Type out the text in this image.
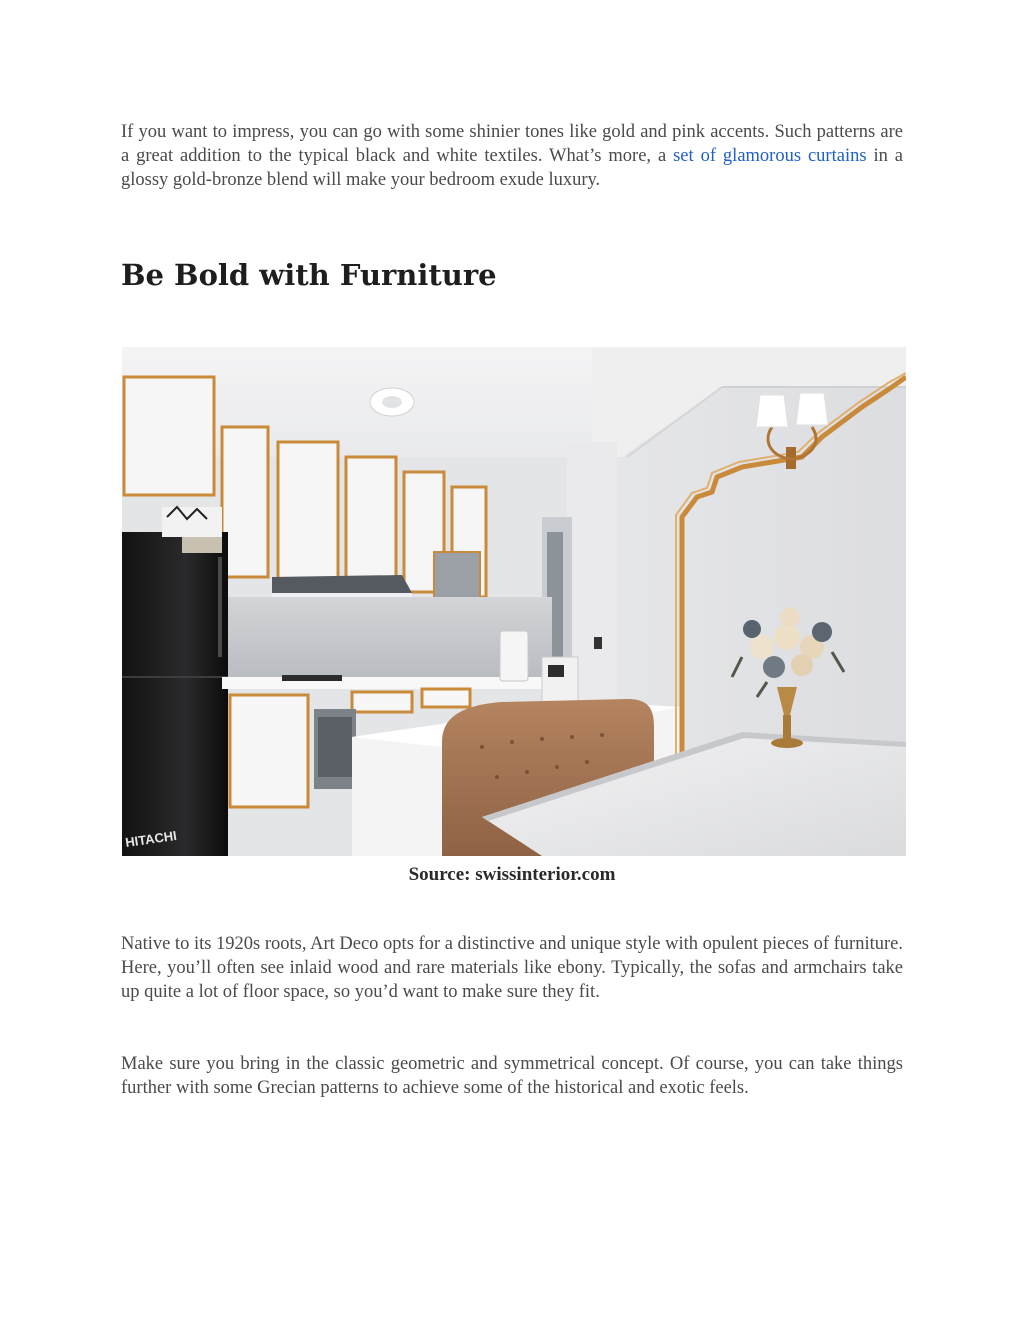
If you want to impress, you can go with some shinier tones like gold and pink accents. Such patterns are a great addition to the typical black and white textiles. What’s more, a set of glamorous curtains in a glossy gold-bronze blend will make your bedroom exude luxury.

Be Bold with Furniture
HITACHI

Source: swissinterior.com

Native to its 1920s roots, Art Deco opts for a distinctive and unique style with opulent pieces of furniture. Here, you’ll often see inlaid wood and rare materials like ebony. Typically, the sofas and armchairs take up quite a lot of floor space, so you’d want to make sure they fit.

Make sure you bring in the classic geometric and symmetrical concept. Of course, you can take things further with some Grecian patterns to achieve some of the historical and exotic feels.
